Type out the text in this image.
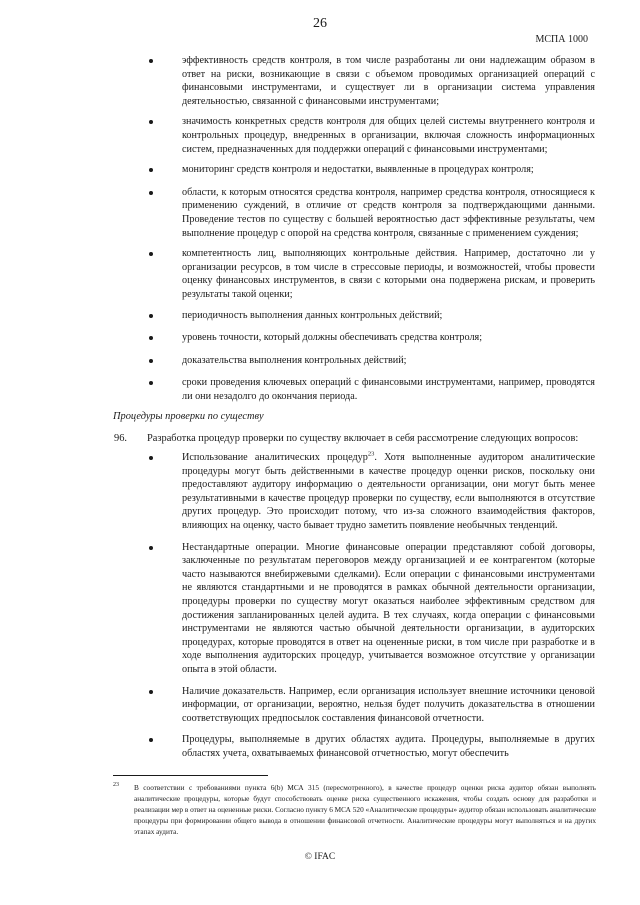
26
МСПА 1000
эффективность средств контроля, в том числе разработаны ли они надлежащим образом в ответ на риски, возникающие в связи с объемом проводимых организацией операций с финансовыми инструментами, и существует ли в организации система управления деятельностью, связанной с финансовыми инструментами;
значимость конкретных средств контроля для общих целей системы внутреннего контроля и контрольных процедур, внедренных в организации, включая сложность информационных систем, предназначенных для поддержки операций с финансовыми инструментами;
мониторинг средств контроля и недостатки, выявленные в процедурах контроля;
области, к которым относятся средства контроля, например средства контроля, относящиеся к применению суждений, в отличие от средств контроля за подтверждающими данными. Проведение тестов по существу с большей вероятностью даст эффективные результаты, чем выполнение процедур с опорой на средства контроля, связанные с применением суждения;
компетентность лиц, выполняющих контрольные действия. Например, достаточно ли у организации ресурсов, в том числе в стрессовые периоды, и возможностей, чтобы провести оценку финансовых инструментов, в связи с которыми она подвержена рискам, и проверить результаты такой оценки;
периодичность выполнения данных контрольных действий;
уровень точности, который должны обеспечивать средства контроля;
доказательства выполнения контрольных действий;
сроки проведения ключевых операций с финансовыми инструментами, например, проводятся ли они незадолго до окончания периода.
Процедуры проверки по существу
96. Разработка процедур проверки по существу включает в себя рассмотрение следующих вопросов:
Использование аналитических процедур$^{23}$. Хотя выполненные аудитором аналитические процедуры могут быть действенными в качестве процедур оценки рисков, поскольку они предоставляют аудитору информацию о деятельности организации, они могут быть менее результативными в качестве процедур проверки по существу, если выполняются в отсутствие других процедур. Это происходит потому, что из-за сложного взаимодействия факторов, влияющих на оценку, часто бывает трудно заметить появление необычных тенденций.
Нестандартные операции. Многие финансовые операции представляют собой договоры, заключенные по результатам переговоров между организацией и ее контрагентом (которые часто называются внебиржевыми сделками). Если операции с финансовыми инструментами не являются стандартными и не проводятся в рамках обычной деятельности организации, процедуры проверки по существу могут оказаться наиболее эффективным средством для достижения запланированных целей аудита. В тех случаях, когда операции с финансовыми инструментами не являются частью обычной деятельности организации, в аудиторских процедурах, которые проводятся в ответ на оцененные риски, в том числе при разработке и в ходе выполнения аудиторских процедур, учитывается возможное отсутствие у организации опыта в этой области.
Наличие доказательств. Например, если организация использует внешние источники ценовой информации, от организации, вероятно, нельзя будет получить доказательства в отношении соответствующих предпосылок составления финансовой отчетности.
Процедуры, выполняемые в других областях аудита. Процедуры, выполняемые в других областях учета, охватываемых финансовой отчетностью, могут обеспечить
23 В соответствии с требованиями пункта 6(b) МСА 315 (пересмотренного), в качестве процедур оценки риска аудитор обязан выполнять аналитические процедуры, которые будут способствовать оценке риска существенного искажения, чтобы создать основу для разработки и реализации мер в ответ на оцененные риски. Согласно пункту 6 МСА 520 «Аналитические процедуры» аудитор обязан использовать аналитические процедуры при формировании общего вывода в отношении финансовой отчетности. Аналитические процедуры могут выполняться и на других этапах аудита.
© IFAC
